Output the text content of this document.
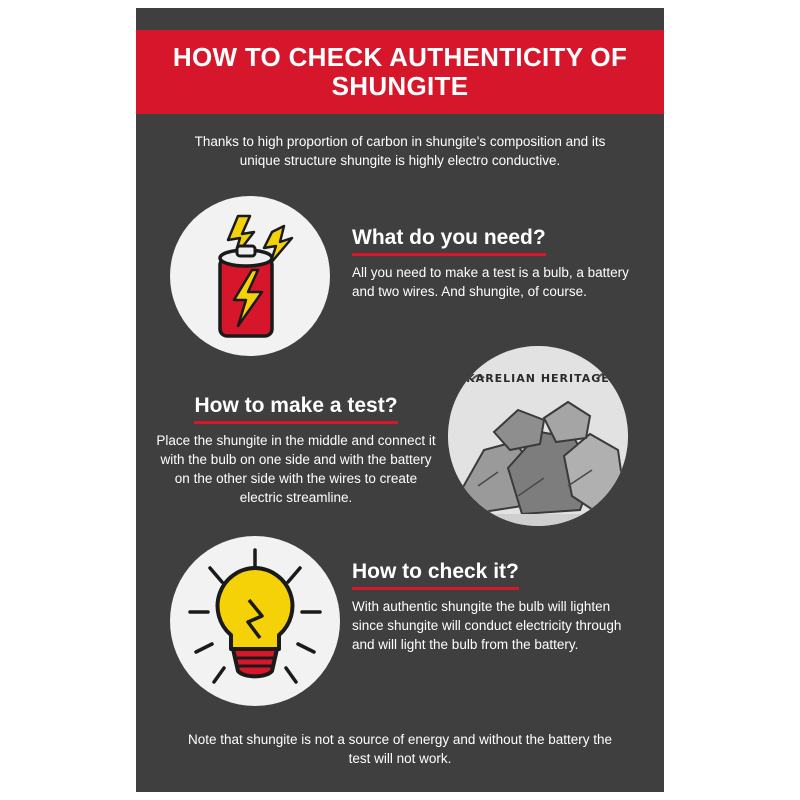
HOW TO CHECK AUTHENTICITY OF SHUNGITE
Thanks to high proportion of carbon in shungite's composition and its unique structure shungite is highly electro conductive.
What do you need?
All you need to make a test is a bulb, a battery and two wires. And shungite, of course.
How to make a test?
Place the shungite in the middle and connect it with the bulb on one side and with the battery on the other side with the wires to create electric streamline.
KARELIAN HERITAGE
How to check it?
With authentic shungite the bulb will lighten since shungite will conduct electricity through and will light the bulb from the battery.
Note that shungite is not a source of energy and without the battery the test will not work.
